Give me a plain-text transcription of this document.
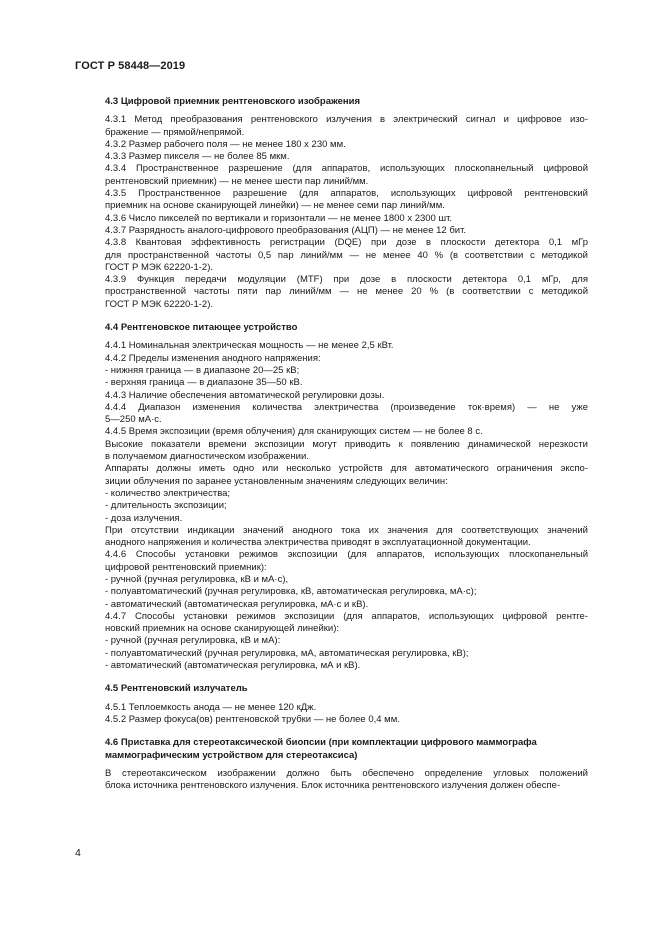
ГОСТ Р 58448—2019
4.3 Цифровой приемник рентгеновского изображения
4.3.1 Метод преобразования рентгеновского излучения в электрический сигнал и цифровое изо-
бражение — прямой/непрямой.
4.3.2 Размер рабочего поля — не менее 180 x 230 мм.
4.3.3 Размер пикселя — не более 85 мкм.
4.3.4 Пространственное разрешение (для аппаратов, использующих плоскопанельный цифровой
рентгеновский приемник) — не менее шести пар линий/мм.
4.3.5 Пространственное разрешение (для аппаратов, использующих цифровой рентгеновский
приемник на основе сканирующей линейки) — не менее семи пар линий/мм.
4.3.6 Число пикселей по вертикали и горизонтали — не менее 1800 x 2300 шт.
4.3.7 Разрядность аналого-цифрового преобразования (АЦП) — не менее 12 бит.
4.3.8 Квантовая эффективность регистрации (DQE) при дозе в плоскости детектора 0,1 мГр
для пространственной частоты 0,5 пар линий/мм — не менее 40 % (в соответствии с методикой
ГОСТ Р МЭК 62220-1-2).
4.3.9 Функция передачи модуляции (MTF) при дозе в плоскости детектора 0,1 мГр, для
пространственной частоты пяти пар линий/мм — не менее 20 % (в соответствии с методикой
ГОСТ Р МЭК 62220-1-2).
4.4 Рентгеновское питающее устройство
4.4.1 Номинальная электрическая мощность — не менее 2,5 кВт.
4.4.2 Пределы изменения анодного напряжения:
- нижняя граница — в диапазоне 20—25 кВ;
- верхняя граница — в диапазоне 35—50 кВ.
4.4.3 Наличие обеспечения автоматической регулировки дозы.
4.4.4 Диапазон изменения количества электричества (произведение ток·время) — не уже
5—250 мА·с.
4.4.5 Время экспозиции (время облучения) для сканирующих систем — не более 8 с.
Высокие показатели времени экспозиции могут приводить к появлению динамической нерезкости
в получаемом диагностическом изображении.
Аппараты должны иметь одно или несколько устройств для автоматического ограничения экспо-
зиции облучения по заранее установленным значениям следующих величин:
- количество электричества;
- длительность экспозиции;
- доза излучения.
При отсутствии индикации значений анодного тока их значения для соответствующих значений
анодного напряжения и количества электричества приводят в эксплуатационной документации.
4.4.6 Способы установки режимов экспозиции (для аппаратов, использующих плоскопанельный
цифровой рентгеновский приемник):
- ручной (ручная регулировка, кВ и мА·с),
- полуавтоматический (ручная регулировка, кВ, автоматическая регулировка, мА·с);
- автоматический (автоматическая регулировка, мА·с и кВ).
4.4.7 Способы установки режимов экспозиции (для аппаратов, использующих цифровой рентге-
новский приемник на основе сканирующей линейки):
- ручной (ручная регулировка, кВ и мА):
- полуавтоматический (ручная регулировка, мА, автоматическая регулировка, кВ);
- автоматический (автоматическая регулировка, мА и кВ).
4.5 Рентгеновский излучатель
4.5.1 Теплоемкость анода — не менее 120 кДж.
4.5.2 Размер фокуса(ов) рентгеновской трубки — не более 0,4 мм.
4.6 Приставка для стереотаксической биопсии (при комплектации цифрового маммографа
маммографическим устройством для стереотаксиса)
В стереотаксическом изображении должно быть обеспечено определение угловых положений
блока источника рентгеновского излучения. Блок источника рентгеновского излучения должен обеспе-
4
